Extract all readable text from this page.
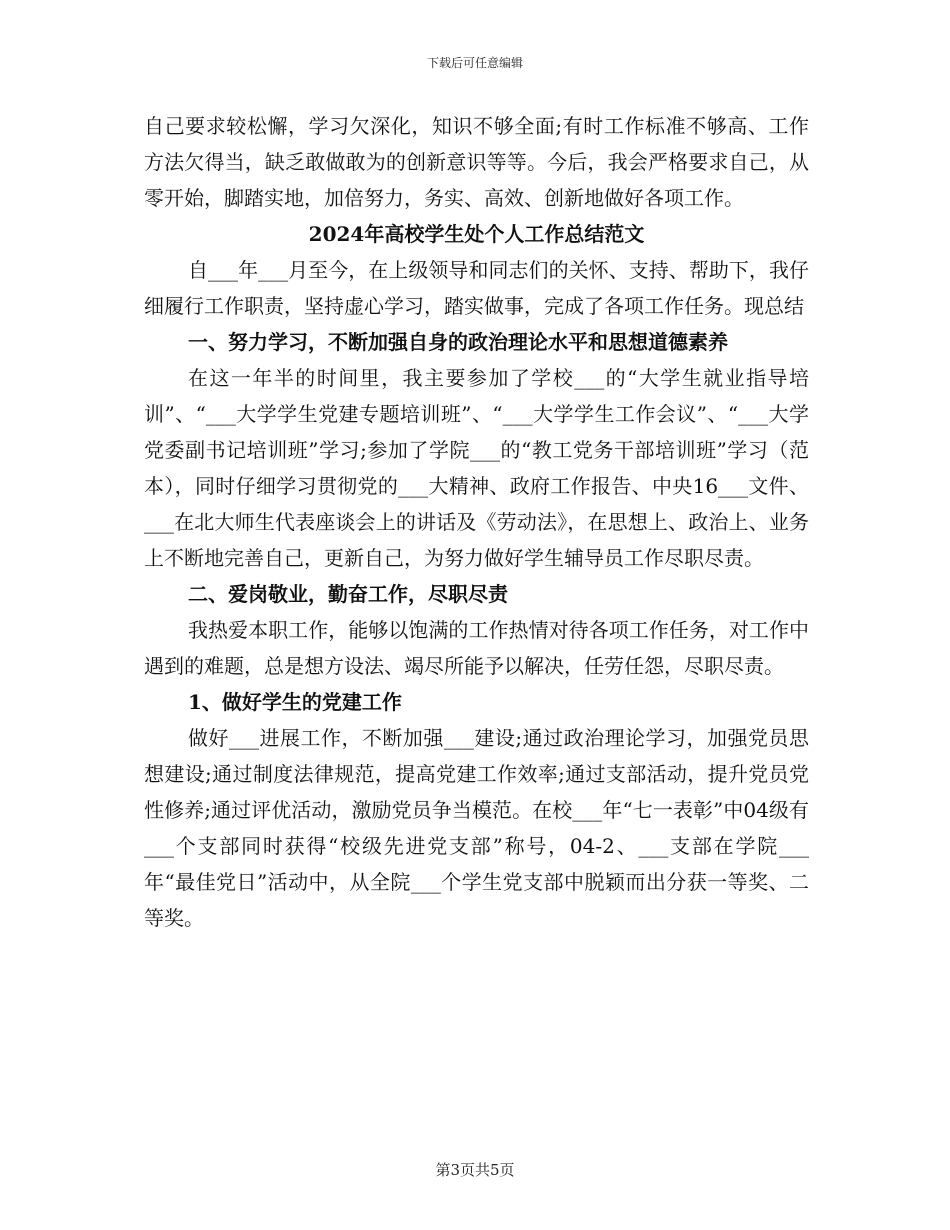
下载后可任意编辑

自己要求较松懈，学习欠深化，知识不够全面;有时工作标准不够高、工作方法欠得当，缺乏敢做敢为的创新意识等等。今后，我会严格要求自己，从零开始，脚踏实地，加倍努力，务实、高效、创新地做好各项工作。

2024年高校学生处个人工作总结范文

自___年___月至今，在上级领导和同志们的关怀、支持、帮助下，我仔细履行工作职责，坚持虚心学习，踏实做事，完成了各项工作任务。现总结

一、努力学习，不断加强自身的政治理论水平和思想道德素养

在这一年半的时间里，我主要参加了学校___的“大学生就业指导培训”、“___大学学生党建专题培训班”、“___大学学生工作会议”、“___大学党委副书记培训班”学习;参加了学院___的“教工党务干部培训班”学习（范本），同时仔细学习贯彻党的___大精神、政府工作报告、中央16___文件、___在北大师生代表座谈会上的讲话及《劳动法》，在思想上、政治上、业务上不断地完善自己，更新自己，为努力做好学生辅导员工作尽职尽责。

二、爱岗敬业，勤奋工作，尽职尽责

我热爱本职工作，能够以饱满的工作热情对待各项工作任务，对工作中遇到的难题，总是想方设法、竭尽所能予以解决，任劳任怨，尽职尽责。

1、做好学生的党建工作

做好___进展工作，不断加强___建设;通过政治理论学习，加强党员思想建设;通过制度法律规范，提高党建工作效率;通过支部活动，提升党员党性修养;通过评优活动，激励党员争当模范。在校___年“七一表彰”中04级有___个支部同时获得“校级先进党支部”称号，04-2、___支部在学院___年“最佳党日”活动中，从全院___个学生党支部中脱颖而出分获一等奖、二等奖。

第3页共5页
